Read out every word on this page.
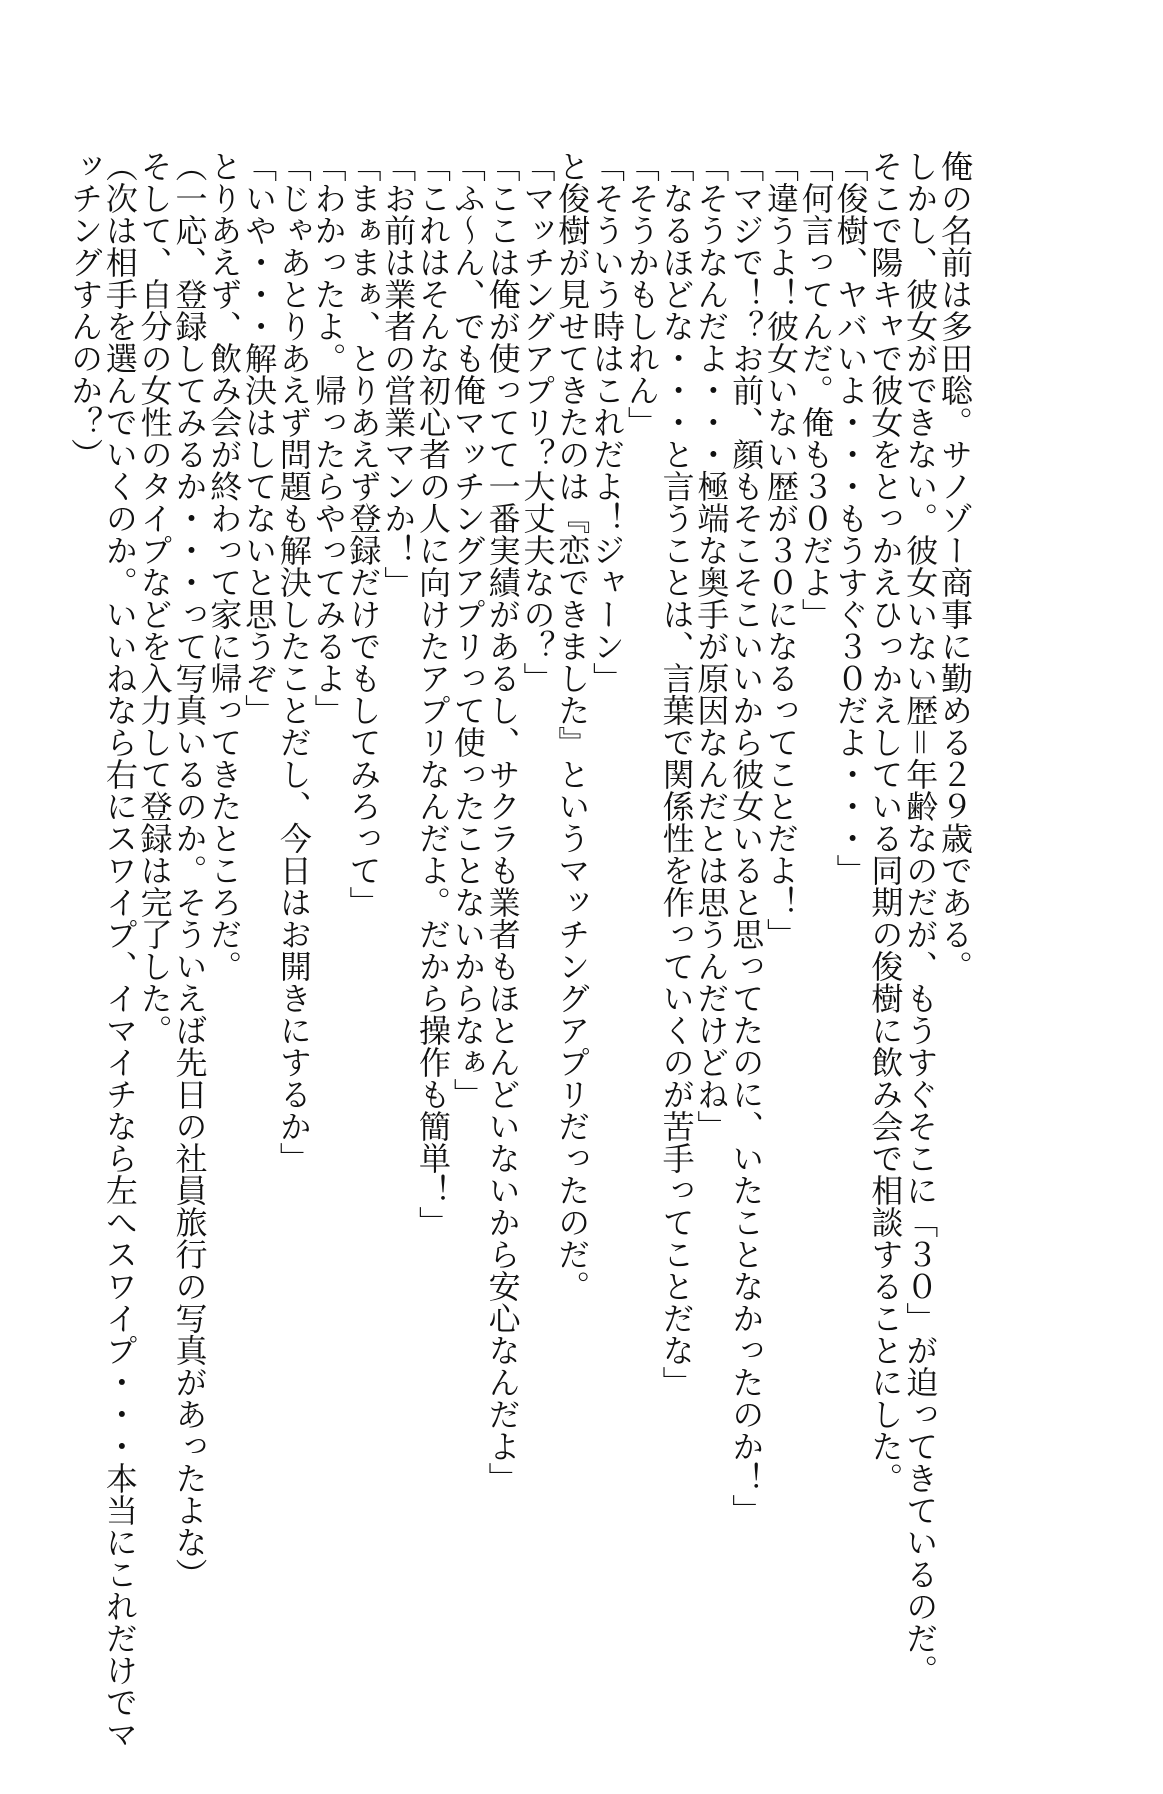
俺の名前は多田聡。サノゾー商事に勤める２９歳である。
しかし、彼女ができない。彼女いない歴＝年齢なのだが、もうすぐそこに「３０」が迫ってきているのだ。
そこで陽キャで彼女をとっかえひっかえしている同期の俊樹に飲み会で相談することにした。
「俊樹、ヤバいよ・・・もうすぐ３０だよ・・・」
「何言ってんだ。俺も３０だよ」
「違うよ！彼女いない歴が３０になるってことだよ！」
「マジで！？お前、顔もそこそこいいから彼女いると思ってたのに、いたことなかったのか！」
「そうなんだよ・・・極端な奥手が原因なんだとは思うんだけどね」
「なるほどな・・・と言うことは、言葉で関係性を作っていくのが苦手ってことだな」
「そうかもしれん」
「そういう時はこれだよ！ジャーン」
と俊樹が見せてきたのは『恋できました』というマッチングアプリだったのだ。
「マッチングアプリ？大丈夫なの？」
「ここは俺が使ってて一番実績があるし、サクラも業者もほとんどいないから安心なんだよ」
「ふ～ん、でも俺マッチングアプリって使ったことないからなぁ」
「これはそんな初心者の人に向けたアプリなんだよ。だから操作も簡単！」
「お前は業者の営業マンか！」
「まぁまぁ、とりあえず登録だけでもしてみろって」
「わかったよ。帰ったらやってみるよ」
「じゃあとりあえず問題も解決したことだし、今日はお開きにするか」
「いや・・・解決はしてないと思うぞ」
とりあえず、飲み会が終わって家に帰ってきたところだ。
（一応、登録してみるか・・・って写真いるのか。そういえば先日の社員旅行の写真があったよな）
そして、自分の女性のタイプなどを入力して登録は完了した。
（次は相手を選んでいくのか。いいねなら右にスワイプ、イマイチなら左へスワイプ・・・本当にこれだけでマ
ッチングすんのか？）
